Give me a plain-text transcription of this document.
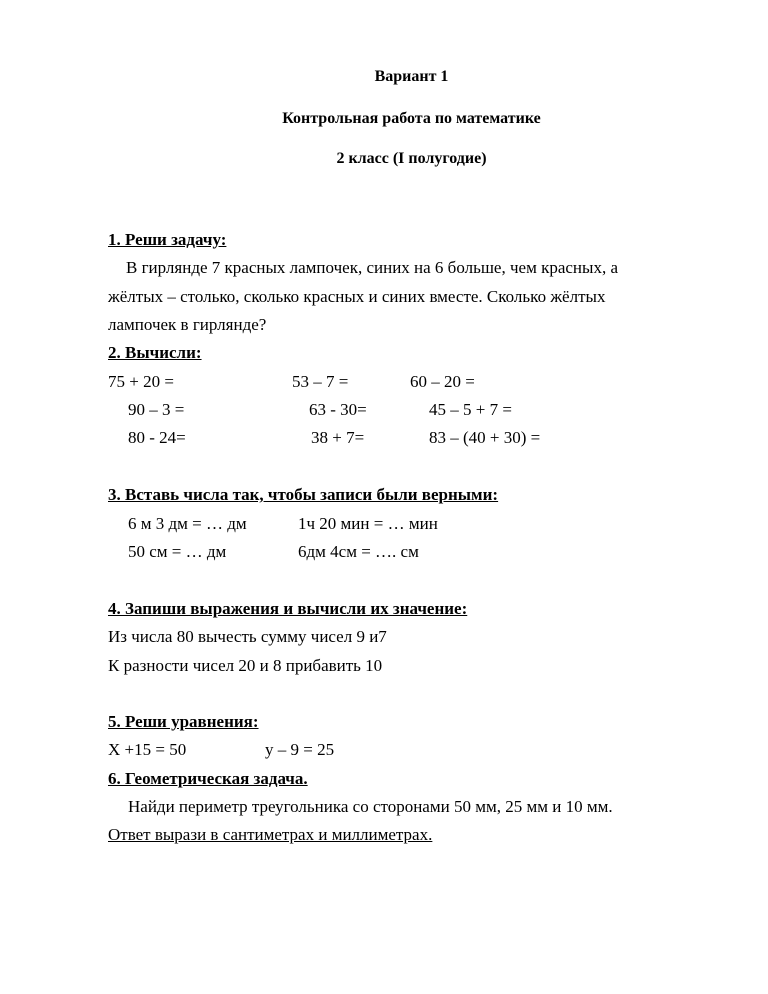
Вариант 1
Контрольная работа по математике
2 класс (I полугодие)
1. Реши задачу:
В гирлянде 7 красных лампочек, синих на 6 больше, чем красных, а
жёлтых – столько, сколько красных и синих вместе. Сколько жёлтых
лампочек в гирлянде?
2. Вычисли:
75 + 20 =	53 – 7 =	60 – 20 =
90 – 3 =	63 - 30=	45 – 5 + 7 =
80 - 24=	38 + 7=	83 – (40 + 30) =
3. Вставь числа так, чтобы записи были верными:
6 м 3 дм = … дм	1ч 20 мин = … мин
50 см = … дм	6дм 4см = …. см
4. Запиши выражения и вычисли их значение:
Из числа 80 вычесть сумму чисел 9 и7
К разности чисел 20 и 8 прибавить 10
5. Реши уравнения:
Х +15 = 50	у – 9 = 25
6. Геометрическая задача.
Найди периметр треугольника со сторонами 50 мм, 25 мм и 10 мм.
Ответ вырази в сантиметрах и миллиметрах.
